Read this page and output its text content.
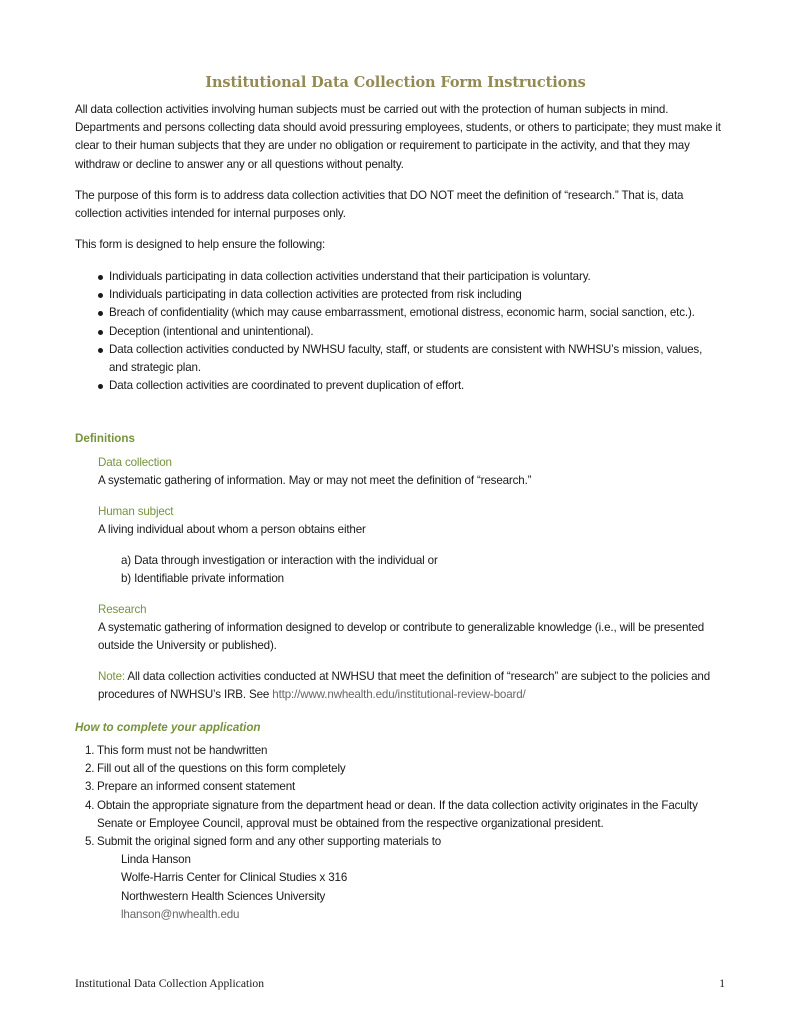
Institutional Data Collection Form Instructions

All data collection activities involving human subjects must be carried out with the protection of human subjects in mind. Departments and persons collecting data should avoid pressuring employees, students, or others to participate; they must make it clear to their human subjects that they are under no obligation or requirement to participate in the activity, and that they may withdraw or decline to answer any or all questions without penalty.

The purpose of this form is to address data collection activities that DO NOT meet the definition of “research.” That is, data collection activities intended for internal purposes only.

This form is designed to help ensure the following:

Individuals participating in data collection activities understand that their participation is voluntary.
Individuals participating in data collection activities are protected from risk including
Breach of confidentiality (which may cause embarrassment, emotional distress, economic harm, social sanction, etc.).
Deception (intentional and unintentional).
Data collection activities conducted by NWHSU faculty, staff, or students are consistent with NWHSU’s mission, values, and strategic plan.
Data collection activities are coordinated to prevent duplication of effort.
Definitions
Data collection
A systematic gathering of information. May or may not meet the definition of “research.”
Human subject
A living individual about whom a person obtains either
a) Data through investigation or interaction with the individual or
b) Identifiable private information
Research
A systematic gathering of information designed to develop or contribute to generalizable knowledge (i.e., will be presented outside the University or published).
Note: All data collection activities conducted at NWHSU that meet the definition of “research” are subject to the policies and procedures of NWHSU’s IRB. See http://www.nwhealth.edu/institutional-review-board/
How to complete your application
1. This form must not be handwritten
2. Fill out all of the questions on this form completely
3. Prepare an informed consent statement
4. Obtain the appropriate signature from the department head or dean. If the data collection activity originates in the Faculty Senate or Employee Council, approval must be obtained from the respective organizational president.
5. Submit the original signed form and any other supporting materials to
Linda Hanson
Wolfe-Harris Center for Clinical Studies x 316
Northwestern Health Sciences University
lhanson@nwhealth.edu
Institutional Data Collection Application	1
